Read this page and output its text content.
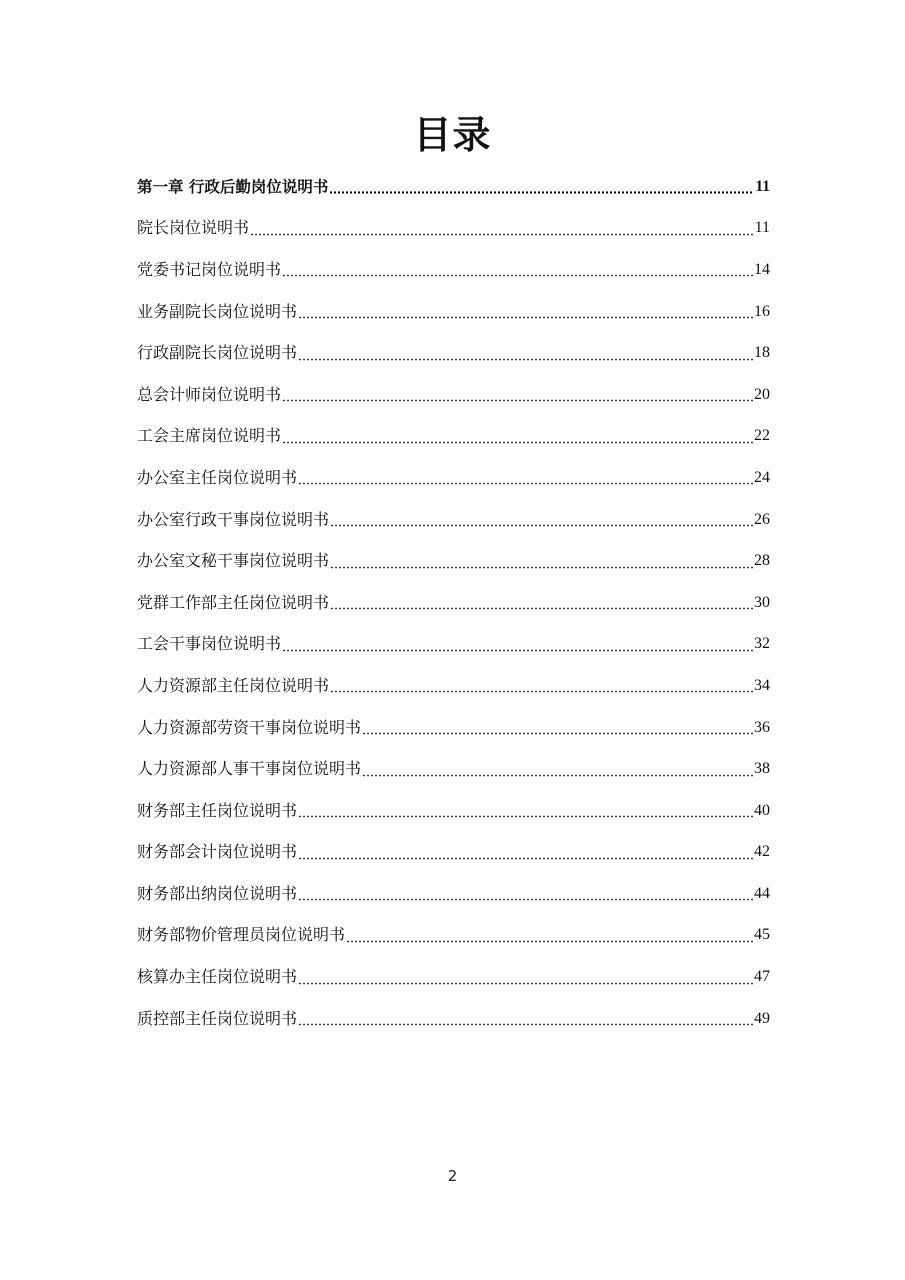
目录
第一章 行政后勤岗位说明书	11
院长岗位说明书	11
党委书记岗位说明书	14
业务副院长岗位说明书	16
行政副院长岗位说明书	18
总会计师岗位说明书	20
工会主席岗位说明书	22
办公室主任岗位说明书	24
办公室行政干事岗位说明书	26
办公室文秘干事岗位说明书	28
党群工作部主任岗位说明书	30
工会干事岗位说明书	32
人力资源部主任岗位说明书	34
人力资源部劳资干事岗位说明书	36
人力资源部人事干事岗位说明书	38
财务部主任岗位说明书	40
财务部会计岗位说明书	42
财务部出纳岗位说明书	44
财务部物价管理员岗位说明书	45
核算办主任岗位说明书	47
质控部主任岗位说明书	49
2
